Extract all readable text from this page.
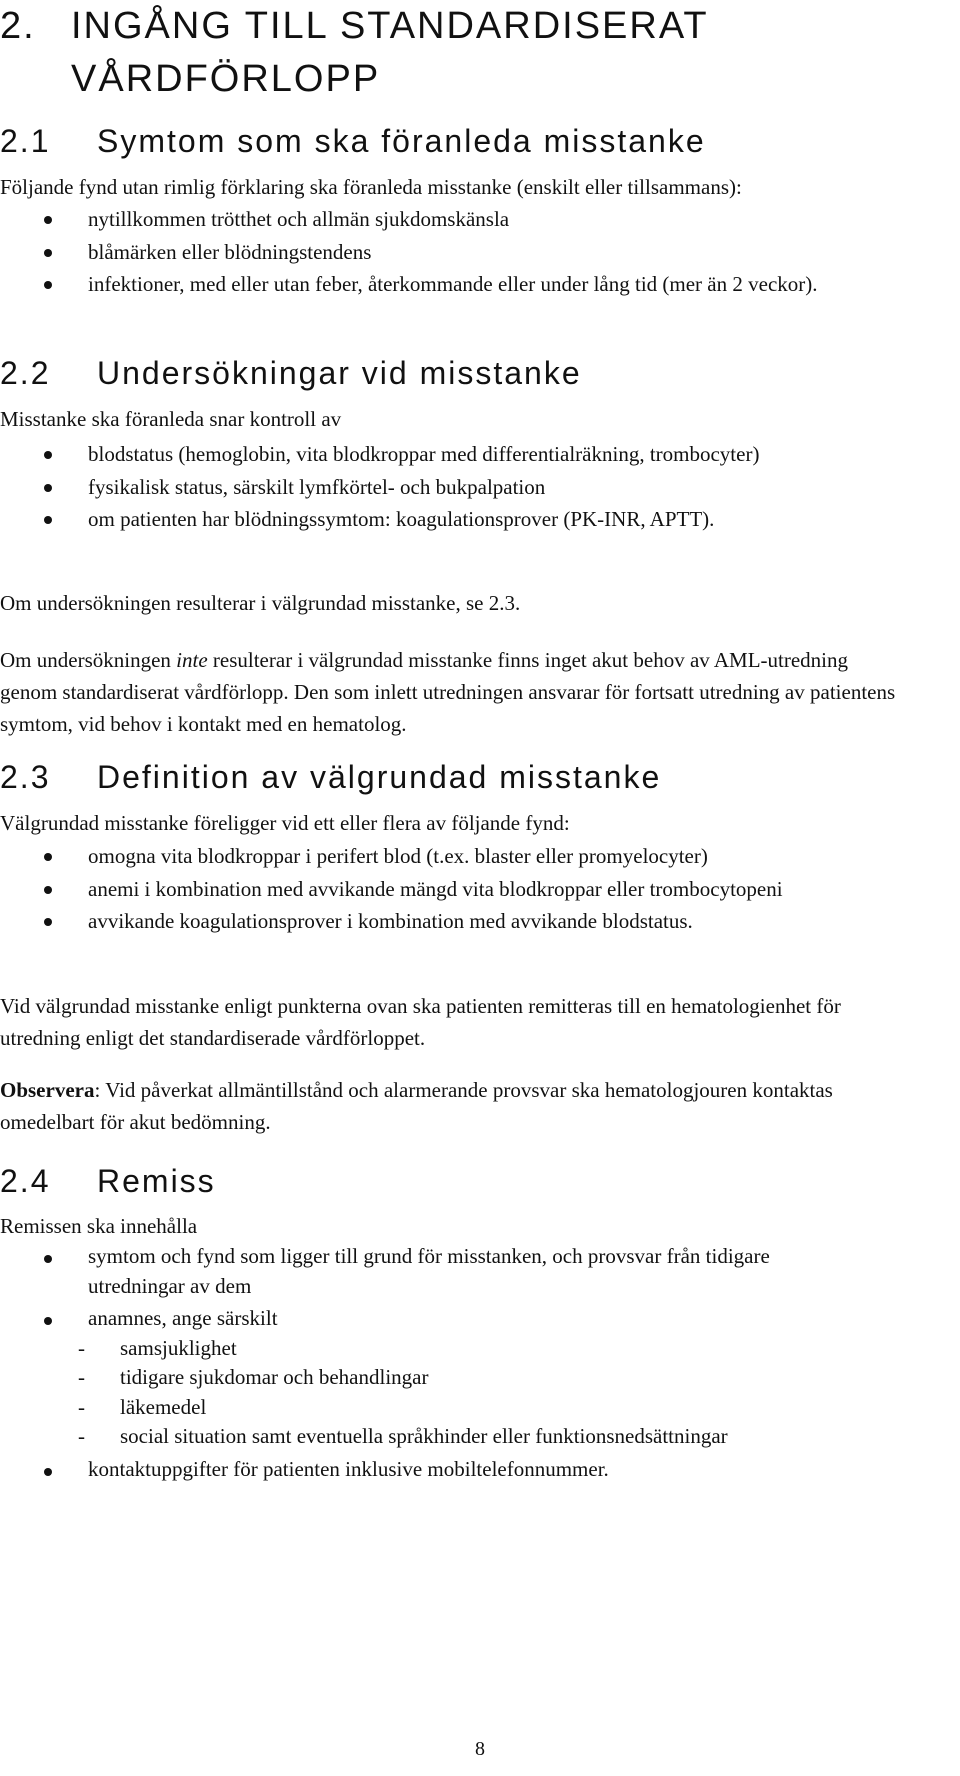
2. INGÅNG TILL STANDARDISERAT VÅRDFÖRLOPP
2.1 Symtom som ska föranleda misstanke

Följande fynd utan rimlig förklaring ska föranleda misstanke (enskilt eller tillsammans):

nytillkommen trötthet och allmän sjukdomskänsla
blåmärken eller blödningstendens
infektioner, med eller utan feber, återkommande eller under lång tid (mer än 2 veckor).
2.2 Undersökningar vid misstanke

Misstanke ska föranleda snar kontroll av

blodstatus (hemoglobin, vita blodkroppar med differentialräkning, trombocyter)
fysikalisk status, särskilt lymfkörtel- och bukpalpation
om patienten har blödningssymtom: koagulationsprover (PK-INR, APTT).

Om undersökningen resulterar i välgrundad misstanke, se 2.3.

Om undersökningen inte resulterar i välgrundad misstanke finns inget akut behov av AML-utredning genom standardiserat vårdförlopp. Den som inlett utredningen ansvarar för fortsatt utredning av patientens symtom, vid behov i kontakt med en hematolog.

2.3 Definition av välgrundad misstanke

Välgrundad misstanke föreligger vid ett eller flera av följande fynd:

omogna vita blodkroppar i perifert blod (t.ex. blaster eller promyelocyter)
anemi i kombination med avvikande mängd vita blodkroppar eller trombocytopeni
avvikande koagulationsprover i kombination med avvikande blodstatus.

Vid välgrundad misstanke enligt punkterna ovan ska patienten remitteras till en hematologienhet för utredning enligt det standardiserade vårdförloppet.

Observera: Vid påverkat allmäntillstånd och alarmerande provsvar ska hematologjouren kontaktas omedelbart för akut bedömning.

2.4 Remiss

Remissen ska innehålla

symtom och fynd som ligger till grund för misstanken, och provsvar från tidigare utredningar av dem
anamnes, ange särskilt
- samsjuklighet
- tidigare sjukdomar och behandlingar
- läkemedel
- social situation samt eventuella språkhinder eller funktionsnedsättningar
kontaktuppgifter för patienten inklusive mobiltelefonnummer.
8
